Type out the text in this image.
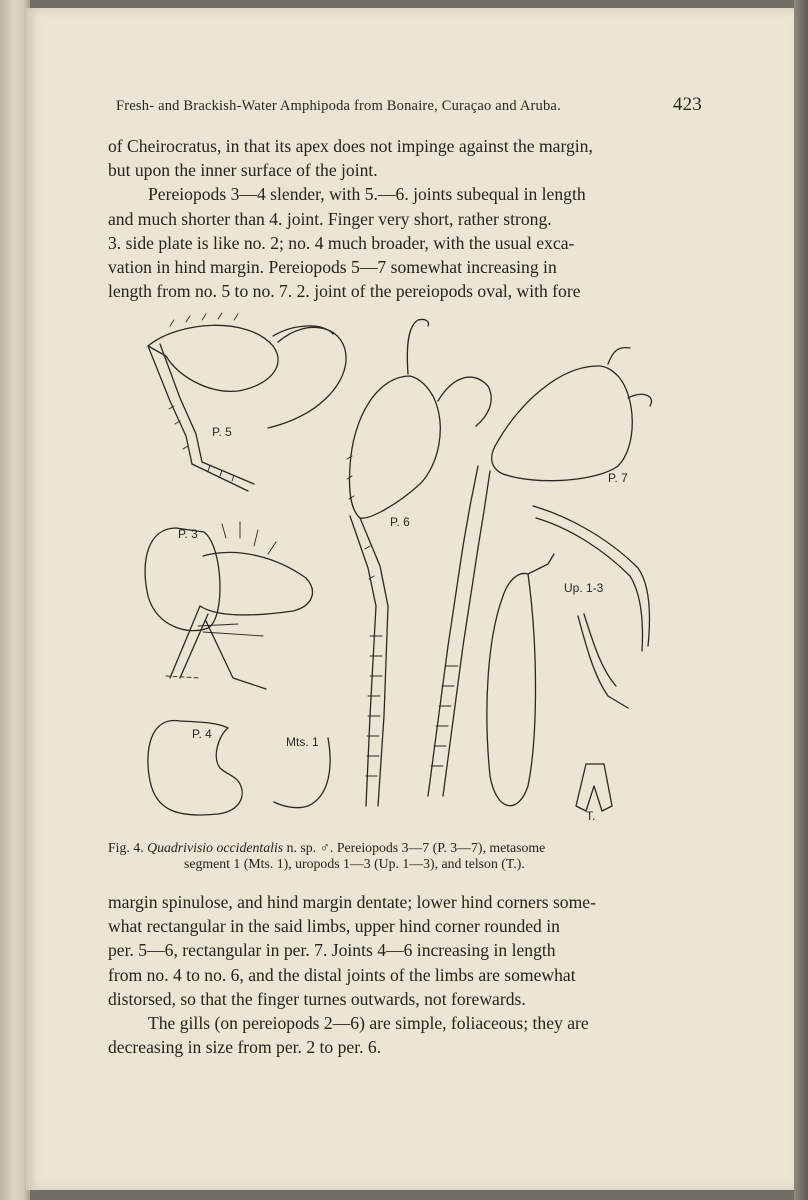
Fresh- and Brackish-Water Amphipoda from Bonaire, Curaçao and Aruba.	423
of Cheirocratus, in that its apex does not impinge against the margin,
but upon the inner surface of the joint.
Pereiopods 3—4 slender, with 5.—6. joints subequal in length
and much shorter than 4. joint. Finger very short, rather strong.
3. side plate is like no. 2; no. 4 much broader, with the usual exca-
vation in hind margin. Pereiopods 5—7 somewhat increasing in
length from no. 5 to no. 7. 2. joint of the pereiopods oval, with fore
P. 5
P. 3
P. 4
Mts. 1
P. 6
P. 7
Up. 1-3
T.

Fig. 4. Quadrivisio occidentalis n. sp. ♂. Pereiopods 3—7 (P. 3—7), metasome
segment 1 (Mts. 1), uropods 1—3 (Up. 1—3), and telson (T.).

margin spinulose, and hind margin dentate; lower hind corners some-
what rectangular in the said limbs, upper hind corner rounded in
per. 5—6, rectangular in per. 7. Joints 4—6 increasing in length
from no. 4 to no. 6, and the distal joints of the limbs are somewhat
distorsed, so that the finger turnes outwards, not forewards.
The gills (on pereiopods 2—6) are simple, foliaceous; they are
decreasing in size from per. 2 to per. 6.
